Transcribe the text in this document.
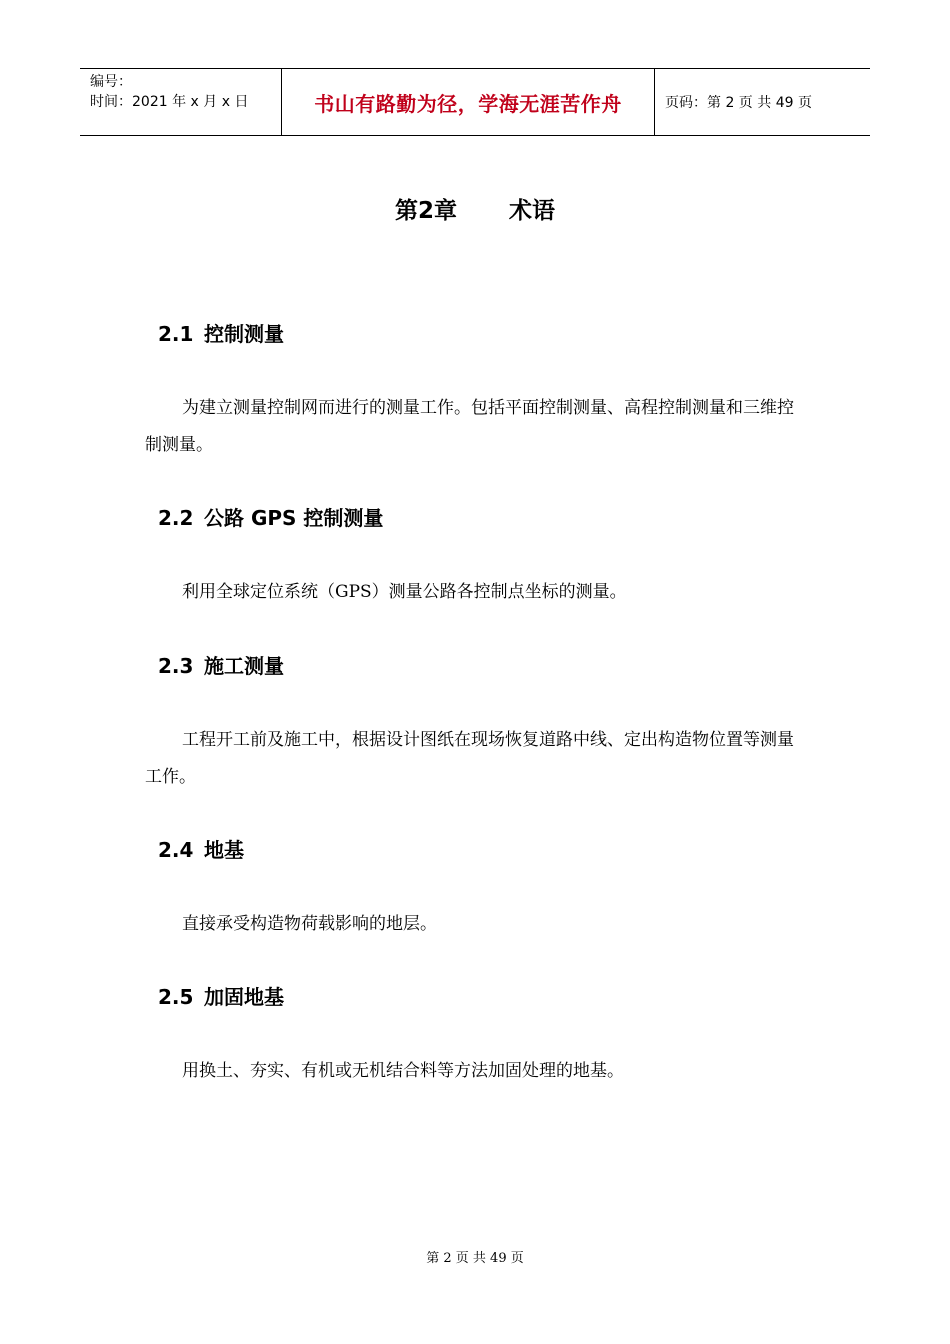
编号：
时间：2021 年 x 月 x 日	书山有路勤为径，学海无涯苦作舟	页码：第 2 页 共 49 页
第2章 术语
2.1 控制测量
为建立测量控制网而进行的测量工作。包括平面控制测量、高程控制测量和三维控制测量。
2.2 公路 GPS 控制测量
利用全球定位系统（GPS）测量公路各控制点坐标的测量。
2.3 施工测量
工程开工前及施工中，根据设计图纸在现场恢复道路中线、定出构造物位置等测量工作。
2.4 地基
直接承受构造物荷载影响的地层。
2.5 加固地基
用换土、夯实、有机或无机结合料等方法加固处理的地基。
第 2 页 共 49 页
